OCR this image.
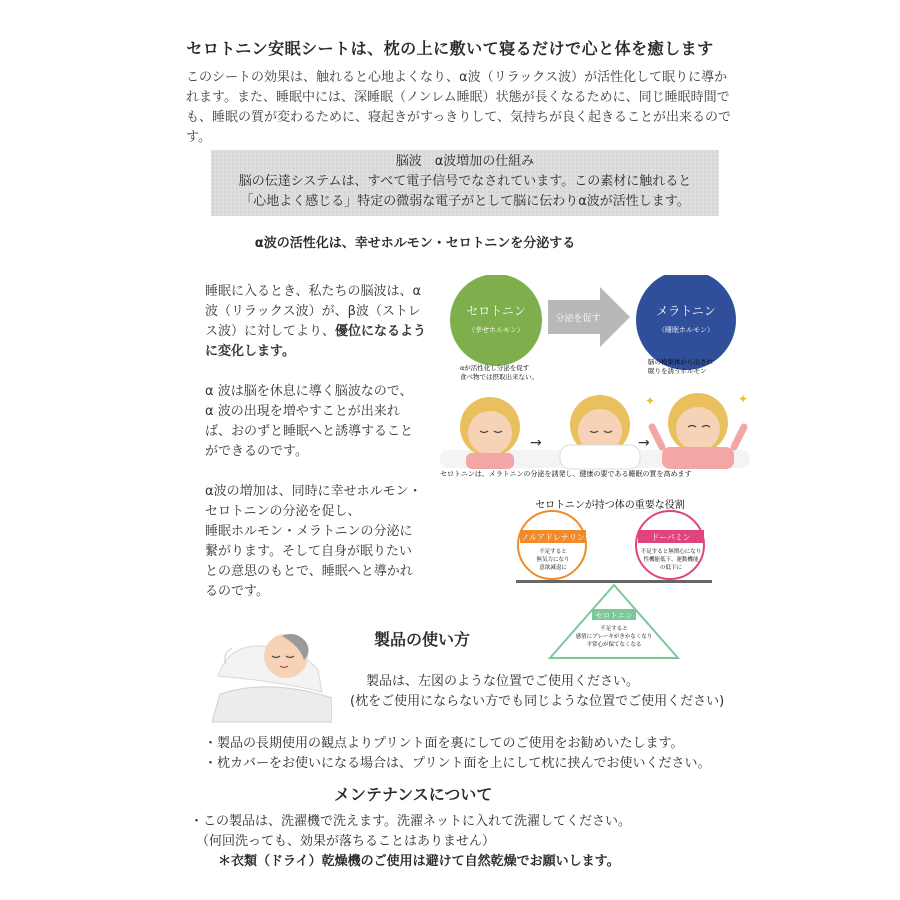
セロトニン安眠シートは、枕の上に敷いて寝るだけで心と体を癒します

このシートの効果は、触れると心地よくなり、α波（リラックス波）が活性化して眠りに導か

れます。また、睡眠中には、深睡眠（ノンレム睡眠）状態が長くなるために、同じ睡眠時間で

も、睡眠の質が変わるために、寝起きがすっきりして、気持ちが良く起きることが出来るので

す。

脳波　α波増加の仕組み
脳の伝達システムは、すべて電子信号でなされています。この素材に触れると
「心地よく感じる」特定の微弱な電子がとして脳に伝わりα波が活性します。
α波の活性化は、幸せホルモン・セロトニンを分泌する

睡眠に入るとき、私たちの脳波は、α

波（リラックス波）が、β波（ストレ

ス波）に対してより、優位になるよう

に変化します。

α 波は脳を休息に導く脳波なので、

α 波の出現を増やすことが出来れ

ば、おのずと睡眠へと誘導すること

ができるのです。

α波の増加は、同時に幸せホルモン・

セロトニンの分泌を促し、

睡眠ホルモン・メラトニンの分泌に

繋がります。そして自身が眠りたい

との意思のもとで、睡眠へと導かれ

るのです。

セロトニン
（幸せホルモン）
分泌を促す
メラトニン
（睡眠ホルモン）
αが活性化し分泌を促す
食べ物では摂取出来ない。
脳の松果体から出され
眠りを誘うホルモン
→	→
✦	✦
セロトニンは、メラトニンの分泌を誘発し、健康の要である睡眠の質を高めます
セロトニンが持つ体の重要な役割
ノルアドレナリン
不足すると
無気力になり
意欲減退に
ドーパミン
不足すると無関心になり
性機能低下、運動機能
の低下に
セロトニン
不足すると
感情にブレーキがきかなくなり
平常心が保てなくなる
製品の使い方
製品は、左図のような位置でご使用ください。
(枕をご使用にならない方でも同じような位置でご使用ください)
・製品の長期使用の観点よりプリント面を裏にしてのご使用をお勧めいたします。
・枕カバーをお使いになる場合は、プリント面を上にして枕に挟んでお使いください。
メンテナンスについて
・この製品は、洗濯機で洗えます。洗濯ネットに入れて洗濯してください。
（何回洗っても、効果が落ちることはありません）
＊衣類（ドライ）乾燥機のご使用は避けて自然乾燥でお願いします。
